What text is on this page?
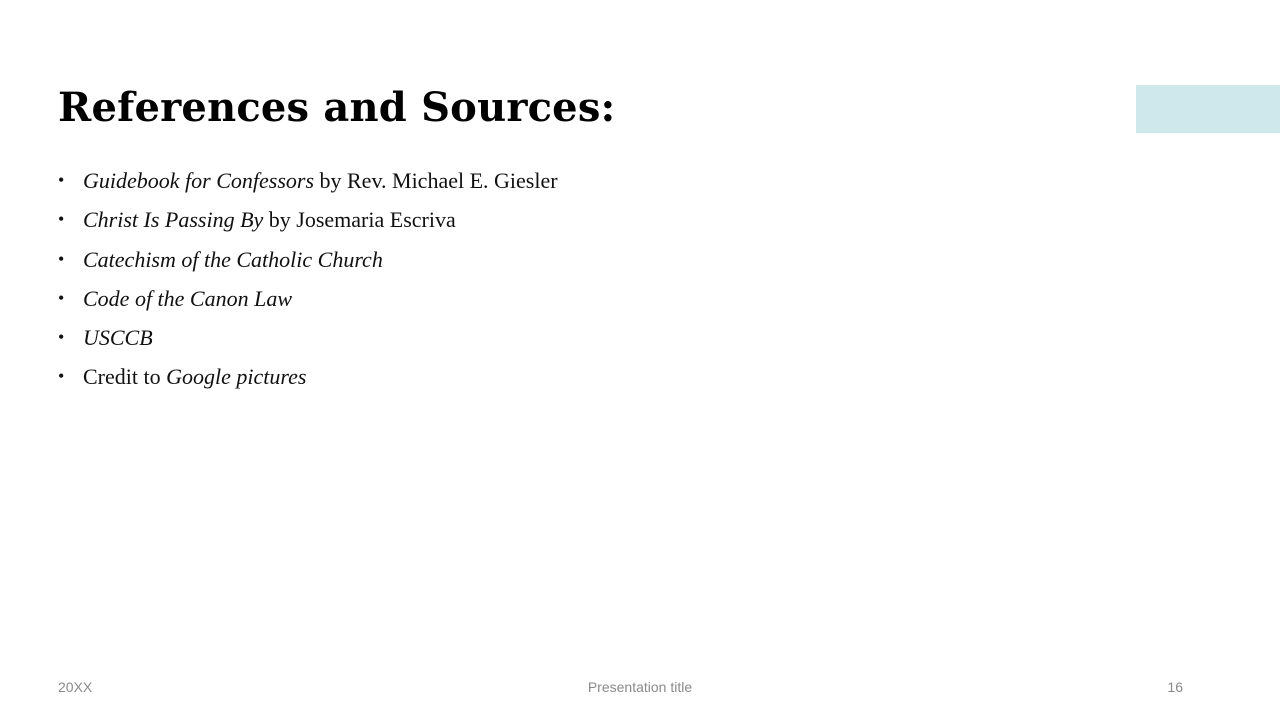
References and Sources:
• Guidebook for Confessors by Rev. Michael E. Giesler
• Christ Is Passing By by Josemaria Escriva
• Catechism of the Catholic Church
• Code of the Canon Law
• USCCB
• Credit to Google pictures
20XX	Presentation title	16
